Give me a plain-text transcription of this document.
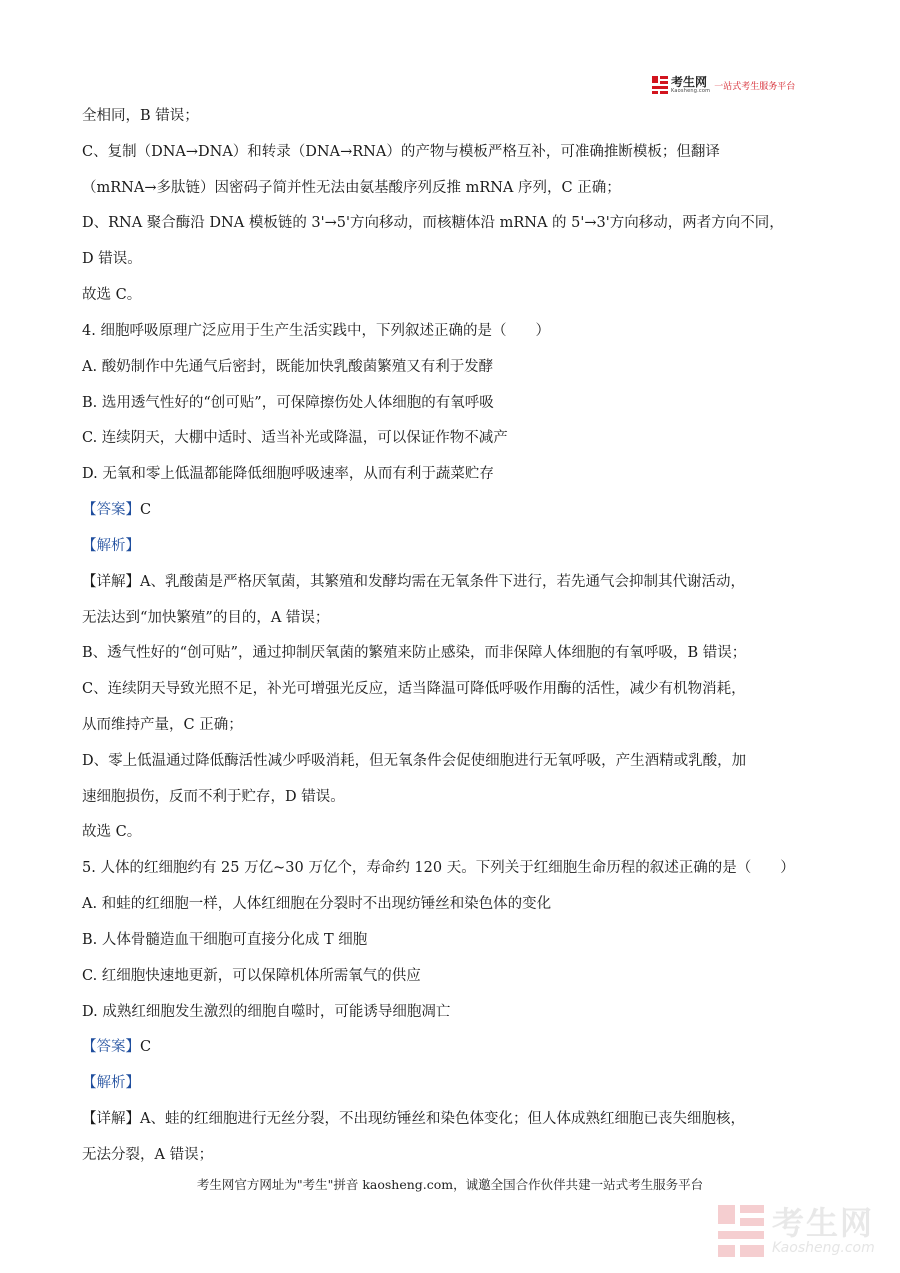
考生网
Kaosheng.com 一站式考生服务平台
全相同，B 错误；
C、复制（DNA→DNA）和转录（DNA→RNA）的产物与模板严格互补，可准确推断模板；但翻译
（mRNA→多肽链）因密码子简并性无法由氨基酸序列反推 mRNA 序列，C 正确；
D、RNA 聚合酶沿 DNA 模板链的 3'→5'方向移动，而核糖体沿 mRNA 的 5'→3'方向移动，两者方向不同，
D 错误。
故选 C。
4. 细胞呼吸原理广泛应用于生产生活实践中，下列叙述正确的是（　　）
A. 酸奶制作中先通气后密封，既能加快乳酸菌繁殖又有利于发酵
B. 选用透气性好的“创可贴”，可保障擦伤处人体细胞的有氧呼吸
C. 连续阴天，大棚中适时、适当补光或降温，可以保证作物不减产
D. 无氧和零上低温都能降低细胞呼吸速率，从而有利于蔬菜贮存
【答案】C
【解析】
【详解】A、乳酸菌是严格厌氧菌，其繁殖和发酵均需在无氧条件下进行，若先通气会抑制其代谢活动，
无法达到“加快繁殖”的目的，A 错误；
B、透气性好的“创可贴”，通过抑制厌氧菌的繁殖来防止感染，而非保障人体细胞的有氧呼吸，B 错误；
C、连续阴天导致光照不足，补光可增强光反应，适当降温可降低呼吸作用酶的活性，减少有机物消耗，
从而维持产量，C 正确；
D、零上低温通过降低酶活性减少呼吸消耗，但无氧条件会促使细胞进行无氧呼吸，产生酒精或乳酸，加
速细胞损伤，反而不利于贮存，D 错误。
故选 C。
5. 人体的红细胞约有 25 万亿~30 万亿个，寿命约 120 天。下列关于红细胞生命历程的叙述正确的是（　　）
A. 和蛙的红细胞一样，人体红细胞在分裂时不出现纺锤丝和染色体的变化
B. 人体骨髓造血干细胞可直接分化成 T 细胞
C. 红细胞快速地更新，可以保障机体所需氧气的供应
D. 成熟红细胞发生激烈的细胞自噬时，可能诱导细胞凋亡
【答案】C
【解析】
【详解】A、蛙的红细胞进行无丝分裂，不出现纺锤丝和染色体变化；但人体成熟红细胞已丧失细胞核，
无法分裂，A 错误；
考生网官方网址为"考生"拼音 kaosheng.com，诚邀全国合作伙伴共建一站式考生服务平台
考生网
Kaosheng.com
